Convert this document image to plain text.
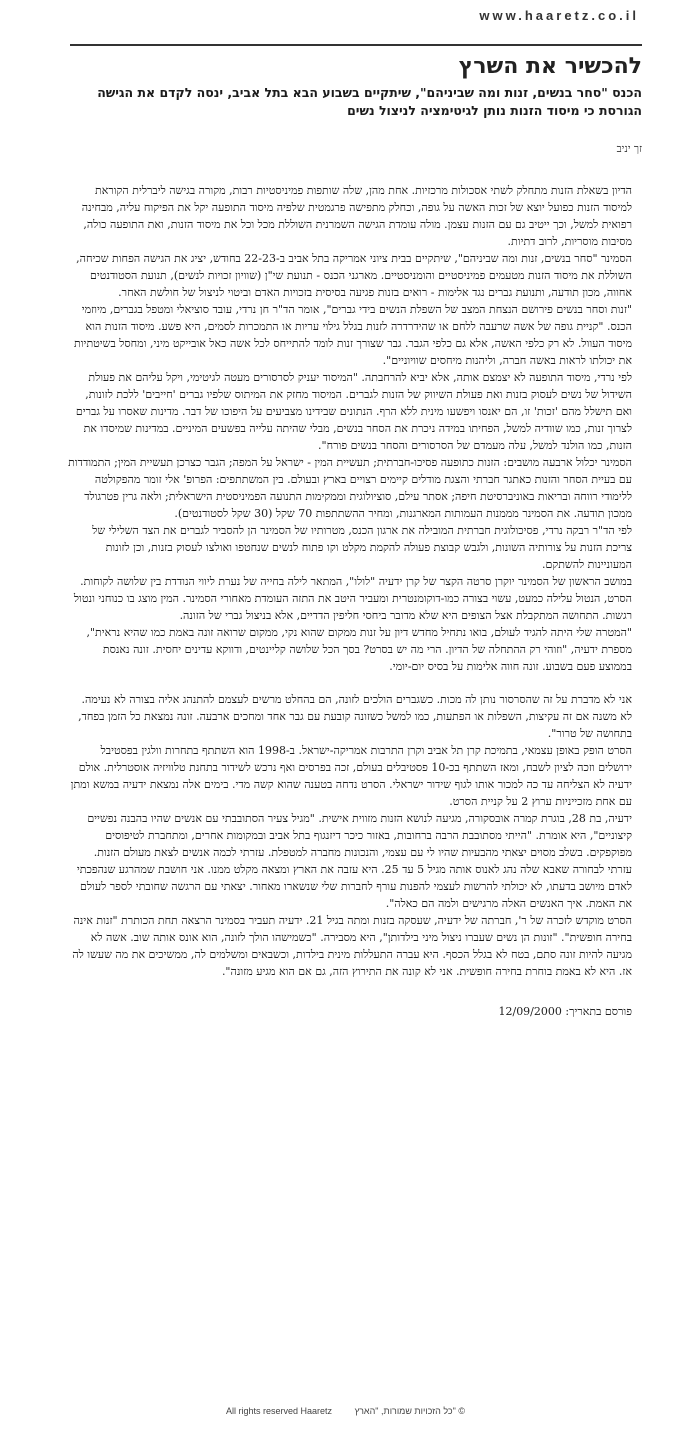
www.haaretz.co.il
להכשיר את השרץ
הכנס "סחר בנשים, זנות ומה שביניהם", שיתקיים בשבוע הבא בתל אביב, ינסה לקדם את הגישה הגורסת כי מיסוד הזנות נותן לגיטימציה לניצול נשים
זך יניב

הדיון בשאלת הזנות מתחלק לשתי אסכולות מרכזיות. אחת מהן, שלה שותפות פמיניסטיות רבות, מקורה בגישה ליברלית הקוראת למיסוד הזנות כפועל יוצא של זכות האשה על גופה, וכחלק מתפישה פרגמטית שלפיה מיסוד התופעה יקל את הפיקוח עליה, מבחינה רפואית למשל, וכך ייטיב גם עם הזנות עצמן. מולה עומדת הגישה השמרנית השוללת מכל וכל את מיסוד הזנות, ואת התופעה כולה, מסיבות מוסריות, לרוב דתיות.

הסמינר "סחר בנשים, זנות ומה שביניהם", שיתקיים בבית ציוני אמריקה בתל אביב ב-22-23 בחודש, יציג את הגישה הפחות שכיחה, השוללת את מיסוד הזנות מטעמים פמיניסטיים והומניסטיים. מארגני הכנס - תנועת שי"ן (שוויון זכויות לנשים), תנועת הסטודנטים אחווה, מכון תודעה, ותנועת גברים נגד אלימות - רואים בזנות פגיעה בסיסית בזכויות האדם וביטוי לניצול של חולשת האחר.

"זנות וסחר בנשים פירושם הנצחת המצב של השפלת הנשים בידי גברים", אומר הד"ר חן נרדי, עובד סוציאלי ומטפל בגברים, מיוזמי הכנס. "קניית גופה של אשה שרעבה ללחם או שהידרדרה לזנות בגלל גילוי עריות או התמכרות לסמים, היא פשע. מיסוד הזנות הוא מיסוד העוול. לא רק כלפי האשה, אלא גם כלפי הגבר. גבר שצורך זנות לומד להתייחס לכל אשה כאל אובייקט מיני, ומחסל בשיטתיות את יכולתו לראות באשה חברה, וליהנות מיחסים שוויוניים".

לפי נרדי, מיסוד התופעה לא יצמצם אותה, אלא יביא להרחבתה. "המיסוד יעניק לסרסורים מעטה לגיטימי, ויקל עליהם את פעולת השידול של נשים לעסוק בזנות ואת פעולת השיווק של הזנות לגברים. המיסוד מחזק את המיתוס שלפיו גברים 'חייבים' ללכת לזונות, ואם תישלל מהם 'זכות' זו, הם יאנסו ויפשעו מינית ללא הרף. הנתונים שבידינו מצביעים על היפוכו של דבר. מדינות שאסרו על גברים לצרוך זנות, כמו שוודיה למשל, הפחיתו במידה ניכרת את הסחר בנשים, מבלי שהיתה עלייה בפשעים המיניים. במדינות שמיסדו את הזנות, כמו הולנד למשל, עלה מעמדם של הסרסורים והסחר בנשים פורח".

הסמינר יכלול ארבעה מושבים: הזנות כתופעה פסיכו-חברתית; תעשיית המין - ישראל על המפה; הגבר כצרכן תעשיית המין; התמודדות עם בעיית הסחר והזנות כאתגר חברתי והצגת מודלים קיימים רצויים בארץ ובעולם. בין המשתתפים: הפרופ' אלי זומר מהפקולטה ללימודי רווחה ובריאות באוניברסיטת חיפה; אסתר עילם, סוציולוגית וממקימות התנועה הפמיניסטית הישראלית; ולאה גרין פטרגולד ממכון תודעה. את הסמינר מממנות העמותות המארגנות, ומחיר ההשתתפות 70 שקל (30 שקל לסטודנטים).

לפי הד"ר רבקה נרדי, פסיכולוגית חברתית המובילה את ארגון הכנס, מטרותיו של הסמינר הן להסביר לגברים את הצד השלילי של צריכת הזנות על צורותיה השונות, ולגבש קבוצת פעולה להקמת מקלט וקו פתוח לנשים שנחטפו ואולצו לעסוק בזנות, וכן לזונות המעוניינות להשתקם.

במושב הראשון של הסמינר יוקרן סרטה הקצר של קרן ידעיה "לולו", המתאר לילה בחייה של נערת ליווי הנודדת בין שלושה לקוחות. הסרט, הנטול עלילה כמעט, עשוי בצורה כמו-דוקומנטרית ומעביר היטב את התזה העומדת מאחורי הסמינר. המין מוצג בו כנוחני ונטול רגשות. התחושה המתקבלת אצל הצופים היא שלא מדובר ביחסי חליפין הדדיים, אלא בניצול גברי של הזונה.

"המטרה שלי היתה להגיד לעולם, בואו נתחיל מחדש דיון על זנות ממקום שהוא נקי, ממקום שרואה זונה באמת כמו שהיא נראית", מספרת ידעיה, "וזוהי רק ההתחלה של הדיון. הרי מה יש בסרט? בסך הכל שלושה קליינטים, ודווקא עדינים יחסית. זונה נאנסת בממוצע פעם בשבוע. זונה חווה אלימות על בסיס יום-יומי.

אני לא מדברת על זה שהסרסור נותן לה מכות. כשגברים הולכים לזונה, הם בהחלט מרשים לעצמם להתנהג אליה בצורה לא נעימה. לא משנה אם זה עקיצות, השפלות או הפתעות, כמו למשל כשזונה קובעת עם גבר אחד ומחכים ארבעה. זונה נמצאת כל הזמן בפחד, בתחושה של טרור".

הסרט הופק באופן עצמאי, בתמיכת קרן תל אביב וקרן התרבות אמריקה-ישראל. ב-1998 הוא השתתף בתחרות וולגין בפסטיבל ירושלים וזכה לציון לשבח, ומאז השתתף בכ-10 פסטיבלים בעולם, זכה בפרסים ואף נרכש לשידור בתחנת טלוויזיה אוסטרלית. אולם ידעיה לא הצליחה עד כה למכור אותו לגוף שידור ישראלי. הסרט נדחה בטענה שהוא קשה מדי. בימים אלה נמצאת ידעיה במשא ומתן עם אחת מזכייניות ערוץ 2 על קניית הסרט.

ידעיה, בת 28, בוגרת קמרה אובסקורה, מגיעה לנושא הזנות מזווית אישית. "מגיל צעיר הסתובבתי עם אנשים שהיו בהבנה נפשיים קיצוניים", היא אומרת. "הייתי מסתובבת הרבה ברחובות, באזור כיכר דיזנגוף בתל אביב ובמקומות אחרים, ומתחברת לטיפוסים מפוקפקים. בשלב מסוים יצאתי מהבעיות שהיו לי עם עצמי, והנכונות מחברה למטפלת. עזרתי לכמה אנשים לצאת מעולם הזנות. עזרתי לבחורה שאבא שלה נהג לאנוס אותה מגיל 5 עד 25. היא עזבה את הארץ ומצאה מקלט ממנו. אני חושבת שמהרגע שנהפכתי לאדם מיושב בדעתו, לא יכולתי להרשות לעצמי להפנות עורף לחברות שלי שנשארו מאחור. יצאתי עם הרגשה שחובתי לספר לעולם את האמת. איך האנשים האלה מרגישים ולמה הם כאלה".

הסרט מוקדש לזכרה של ר', חברתה של ידעיה, שעסקה בזנות ומתה בגיל 21. ידעיה תעביר בסמינר הרצאה תחת הכותרת "זנות אינה בחירה חופשית". "זונות הן נשים שעברו ניצול מיני בילדותן", היא מסבירה. "כשמישהו הולך לזונה, הוא אונס אותה שוב. אשה לא מגיעה להיות זונה סתם, בטח לא בגלל הכסף. היא עברה התעללות מינית בילדות, וכשבאים ומשלמים לה, ממשיכים את מה שעשו לה אז. היא לא באמת בוחרת בחירה חופשית. אני לא קונה את התירוץ הזה, גם אם הוא מגיע מזונה".

פורסם בתאריך: 12/09/2000
All rights reserved Haaretz	כל הזכויות שמורות, "הארץ" ©
